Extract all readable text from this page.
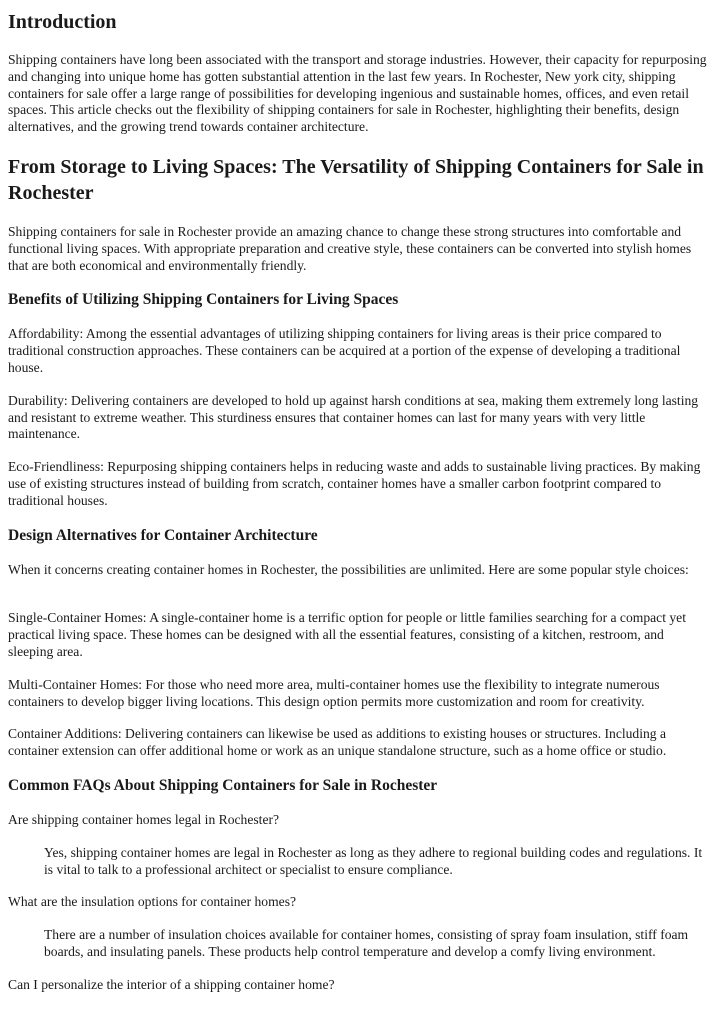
Introduction

Shipping containers have long been associated with the transport and storage industries. However, their capacity for repurposing and changing into unique home has gotten substantial attention in the last few years. In Rochester, New york city, shipping containers for sale offer a large range of possibilities for developing ingenious and sustainable homes, offices, and even retail spaces. This article checks out the flexibility of shipping containers for sale in Rochester, highlighting their benefits, design alternatives, and the growing trend towards container architecture.

From Storage to Living Spaces: The Versatility of Shipping Containers for Sale in Rochester

Shipping containers for sale in Rochester provide an amazing chance to change these strong structures into comfortable and functional living spaces. With appropriate preparation and creative style, these containers can be converted into stylish homes that are both economical and environmentally friendly.

Benefits of Utilizing Shipping Containers for Living Spaces

Affordability: Among the essential advantages of utilizing shipping containers for living areas is their price compared to traditional construction approaches. These containers can be acquired at a portion of the expense of developing a traditional house.

Durability: Delivering containers are developed to hold up against harsh conditions at sea, making them extremely long lasting and resistant to extreme weather. This sturdiness ensures that container homes can last for many years with very little maintenance.

Eco-Friendliness: Repurposing shipping containers helps in reducing waste and adds to sustainable living practices. By making use of existing structures instead of building from scratch, container homes have a smaller carbon footprint compared to traditional houses.

Design Alternatives for Container Architecture

When it concerns creating container homes in Rochester, the possibilities are unlimited. Here are some popular style choices:

Single-Container Homes: A single-container home is a terrific option for people or little families searching for a compact yet practical living space. These homes can be designed with all the essential features, consisting of a kitchen, restroom, and sleeping area.

Multi-Container Homes: For those who need more area, multi-container homes use the flexibility to integrate numerous containers to develop bigger living locations. This design option permits more customization and room for creativity.

Container Additions: Delivering containers can likewise be used as additions to existing houses or structures. Including a container extension can offer additional home or work as an unique standalone structure, such as a home office or studio.

Common FAQs About Shipping Containers for Sale in Rochester

Are shipping container homes legal in Rochester?

Yes, shipping container homes are legal in Rochester as long as they adhere to regional building codes and regulations. It is vital to talk to a professional architect or specialist to ensure compliance.

What are the insulation options for container homes?

There are a number of insulation choices available for container homes, consisting of spray foam insulation, stiff foam boards, and insulating panels. These products help control temperature and develop a comfy living environment.

Can I personalize the interior of a shipping container home?
